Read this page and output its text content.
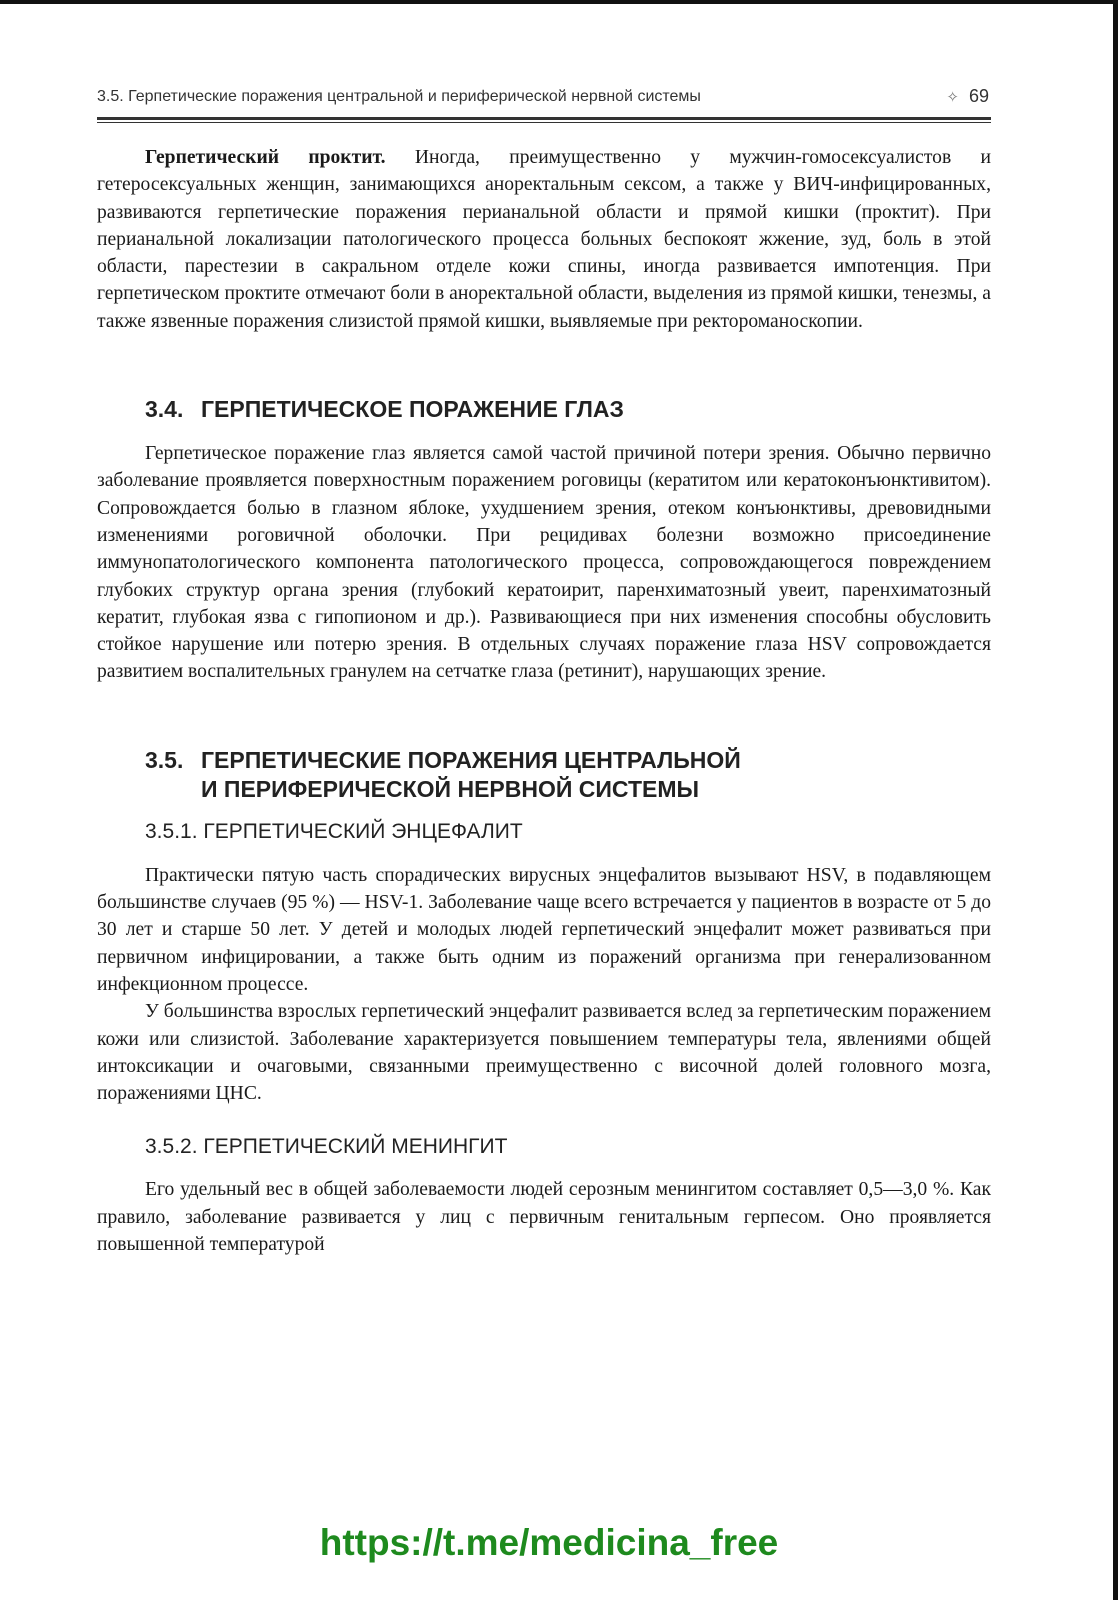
3.5. Герпетические поражения центральной и периферической нервной системы	✧ 69

Герпетический проктит. Иногда, преимущественно у мужчин-гомосексуалистов и гетеросексуальных женщин, занимающихся аноректальным сексом, а также у ВИЧ-инфицированных, развиваются герпетические поражения перианальной области и прямой кишки (проктит). При перианальной локализации патологического процесса больных беспокоят жжение, зуд, боль в этой области, парестезии в сакральном отделе кожи спины, иногда развивается импотенция. При герпетическом проктите отмечают боли в аноректальной области, выделения из прямой кишки, тенезмы, а также язвенные поражения слизистой прямой кишки, выявляемые при ректороманоскопии.

3.4. ГЕРПЕТИЧЕСКОЕ ПОРАЖЕНИЕ ГЛАЗ

Герпетическое поражение глаз является самой частой причиной потери зрения. Обычно первично заболевание проявляется поверхностным поражением роговицы (кератитом или кератоконъюнктивитом). Сопровождается болью в глазном яблоке, ухудшением зрения, отеком конъюнктивы, древовидными изменениями роговичной оболочки. При рецидивах болезни возможно присоединение иммунопатологического компонента патологического процесса, сопровождающегося повреждением глубоких структур органа зрения (глубокий кератоирит, паренхиматозный увеит, паренхиматозный кератит, глубокая язва с гипопионом и др.). Развивающиеся при них изменения способны обусловить стойкое нарушение или потерю зрения. В отдельных случаях поражение глаза HSV сопровождается развитием воспалительных гранулем на сетчатке глаза (ретинит), нарушающих зрение.

3.5. ГЕРПЕТИЧЕСКИЕ ПОРАЖЕНИЯ ЦЕНТРАЛЬНОЙ
И ПЕРИФЕРИЧЕСКОЙ НЕРВНОЙ СИСТЕМЫ
3.5.1. ГЕРПЕТИЧЕСКИЙ ЭНЦЕФАЛИТ

Практически пятую часть спорадических вирусных энцефалитов вызывают HSV, в подавляющем большинстве случаев (95 %) — HSV-1. Заболевание чаще всего встречается у пациентов в возрасте от 5 до 30 лет и старше 50 лет. У детей и молодых людей герпетический энцефалит может развиваться при первичном инфицировании, а также быть одним из поражений организма при генерализованном инфекционном процессе.

У большинства взрослых герпетический энцефалит развивается вслед за герпетическим поражением кожи или слизистой. Заболевание характеризуется повышением температуры тела, явлениями общей интоксикации и очаговыми, связанными преимущественно с височной долей головного мозга, поражениями ЦНС.

3.5.2. ГЕРПЕТИЧЕСКИЙ МЕНИНГИТ

Его удельный вес в общей заболеваемости людей серозным менингитом составляет 0,5—3,0 %. Как правило, заболевание развивается у лиц с первичным генитальным герпесом. Оно проявляется повышенной температурой

https://t.me/medicina_free
